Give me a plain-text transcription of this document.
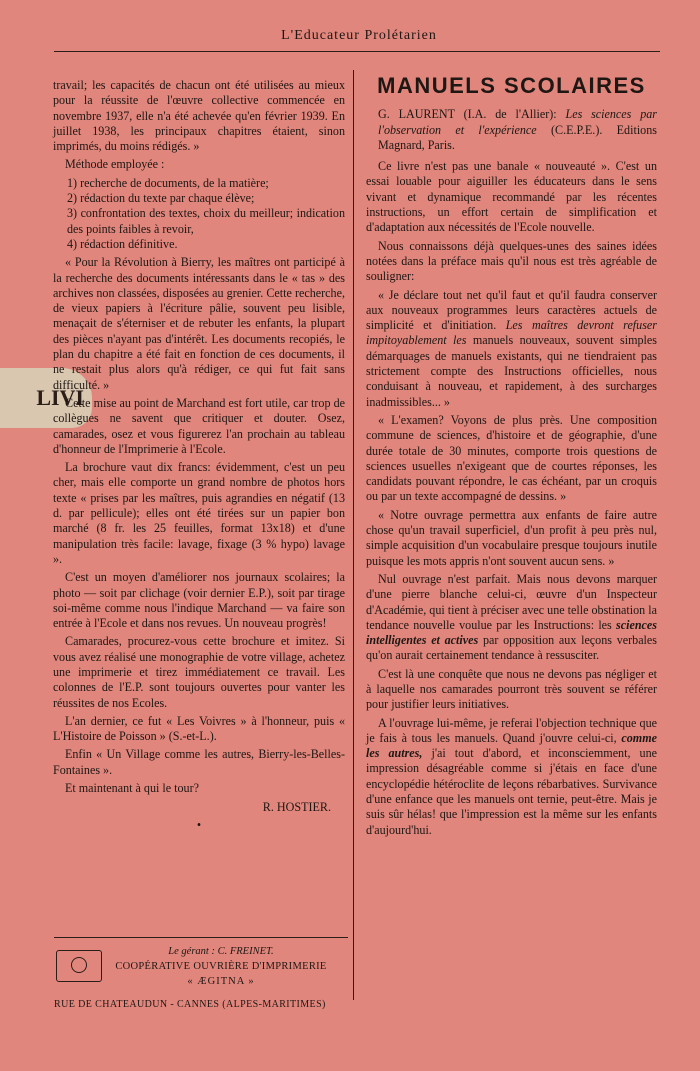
L'Educateur Prolétarien
LIVI

travail; les capacités de chacun ont été utilisées au mieux pour la réussite de l'œuvre collective commencée en novembre 1937, elle n'a été achevée qu'en février 1939. En juillet 1938, les principaux chapitres étaient, sinon imprimés, du moins rédigés. »

Méthode employée :

1) recherche de documents, de la matière;
2) rédaction du texte par chaque élève;
3) confrontation des textes, choix du meilleur; indication des points faibles à revoir,
4) rédaction définitive.

« Pour la Révolution à Bierry, les maîtres ont participé à la recherche des documents intéressants dans le « tas » des archives non classées, disposées au grenier. Cette recherche, de vieux papiers à l'écriture pâlie, souvent peu lisible, menaçait de s'éterniser et de rebuter les enfants, la plupart des pièces n'ayant pas d'intérêt. Les documents recopiés, le plan du chapitre a été fait en fonction de ces documents, il ne restait plus alors qu'à rédiger, ce qui fut fait sans difficulté. »

Cette mise au point de Marchand est fort utile, car trop de collègues ne savent que critiquer et douter. Osez, camarades, osez et vous figurerez l'an prochain au tableau d'honneur de l'Imprimerie à l'Ecole.

La brochure vaut dix francs: évidemment, c'est un peu cher, mais elle comporte un grand nombre de photos hors texte « prises par les maîtres, puis agrandies en négatif (13 d. par pellicule); elles ont été tirées sur un papier bon marché (8 fr. les 25 feuilles, format 13x18) et d'une manipulation très facile: lavage, fixage (3 % hypo) lavage ».

C'est un moyen d'améliorer nos journaux scolaires; la photo — soit par clichage (voir dernier E.P.), soit par tirage soi-même comme nous l'indique Marchand — va faire son entrée à l'Ecole et dans nos revues. Un nouveau progrès!

Camarades, procurez-vous cette brochure et imitez. Si vous avez réalisé une monographie de votre village, achetez une imprimerie et tirez immédiatement ce travail. Les colonnes de l'E.P. sont toujours ouvertes pour vanter les réussites de nos Ecoles.

L'an dernier, ce fut « Les Voivres » à l'honneur, puis « L'Histoire de Poisson » (S.-et-L.).

Enfin « Un Village comme les autres, Bierry-les-Belles-Fontaines ».

Et maintenant à qui le tour?

R. HOSTIER.
•
MANUELS SCOLAIRES

G. LAURENT (I.A. de l'Allier): Les sciences par l'observation et l'expérience (C.E.P.E.). Editions Magnard, Paris.

Ce livre n'est pas une banale « nouveauté ». C'est un essai louable pour aiguiller les éducateurs dans le sens vivant et dynamique recommandé par les récentes instructions, un effort certain de simplification et d'adaptation aux nécessités de l'Ecole nouvelle.

Nous connaissons déjà quelques-unes des saines idées notées dans la préface mais qu'il nous est très agréable de souligner:

« Je déclare tout net qu'il faut et qu'il faudra conserver aux nouveaux programmes leurs caractères actuels de simplicité et d'initiation. Les maîtres devront refuser impitoyablement les manuels nouveaux, souvent simples démarquages de manuels existants, qui ne tiendraient pas strictement compte des Instructions officielles, nous conduisant à nouveau, et rapidement, à des surcharges inadmissibles... »

« L'examen? Voyons de plus près. Une composition commune de sciences, d'histoire et de géographie, d'une durée totale de 30 minutes, comporte trois questions de sciences usuelles n'exigeant que de courtes réponses, les candidats pouvant répondre, le cas échéant, par un croquis ou par un texte accompagné de dessins. »

« Notre ouvrage permettra aux enfants de faire autre chose qu'un travail superficiel, d'un profit à peu près nul, simple acquisition d'un vocabulaire presque toujours inutile puisque les mots appris n'ont souvent aucun sens. »

Nul ouvrage n'est parfait. Mais nous devons marquer d'une pierre blanche celui-ci, œuvre d'un Inspecteur d'Académie, qui tient à préciser avec une telle obstination la tendance nouvelle voulue par les Instructions: les sciences intelligentes et actives par opposition aux leçons verbales qu'on aurait certainement tendance à ressusciter.

C'est là une conquête que nous ne devons pas négliger et à laquelle nos camarades pourront très souvent se référer pour justifier leurs initiatives.

A l'ouvrage lui-même, je referai l'objection technique que je fais à tous les manuels. Quand j'ouvre celui-ci, comme les autres, j'ai tout d'abord, et inconsciemment, une impression désagréable comme si j'étais en face d'une encyclopédie hétéroclite de leçons rébarbatives. Survivance d'une enfance que les manuels ont ternie, peut-être. Mais je suis sûr hélas! que l'impression est la même sur les enfants d'aujourd'hui.

Le gérant : C. FREINET.
COOPÉRATIVE OUVRIÈRE D'IMPRIMERIE
« ÆGITNA »
RUE DE CHATEAUDUN - CANNES (ALPES-MARITIMES)
